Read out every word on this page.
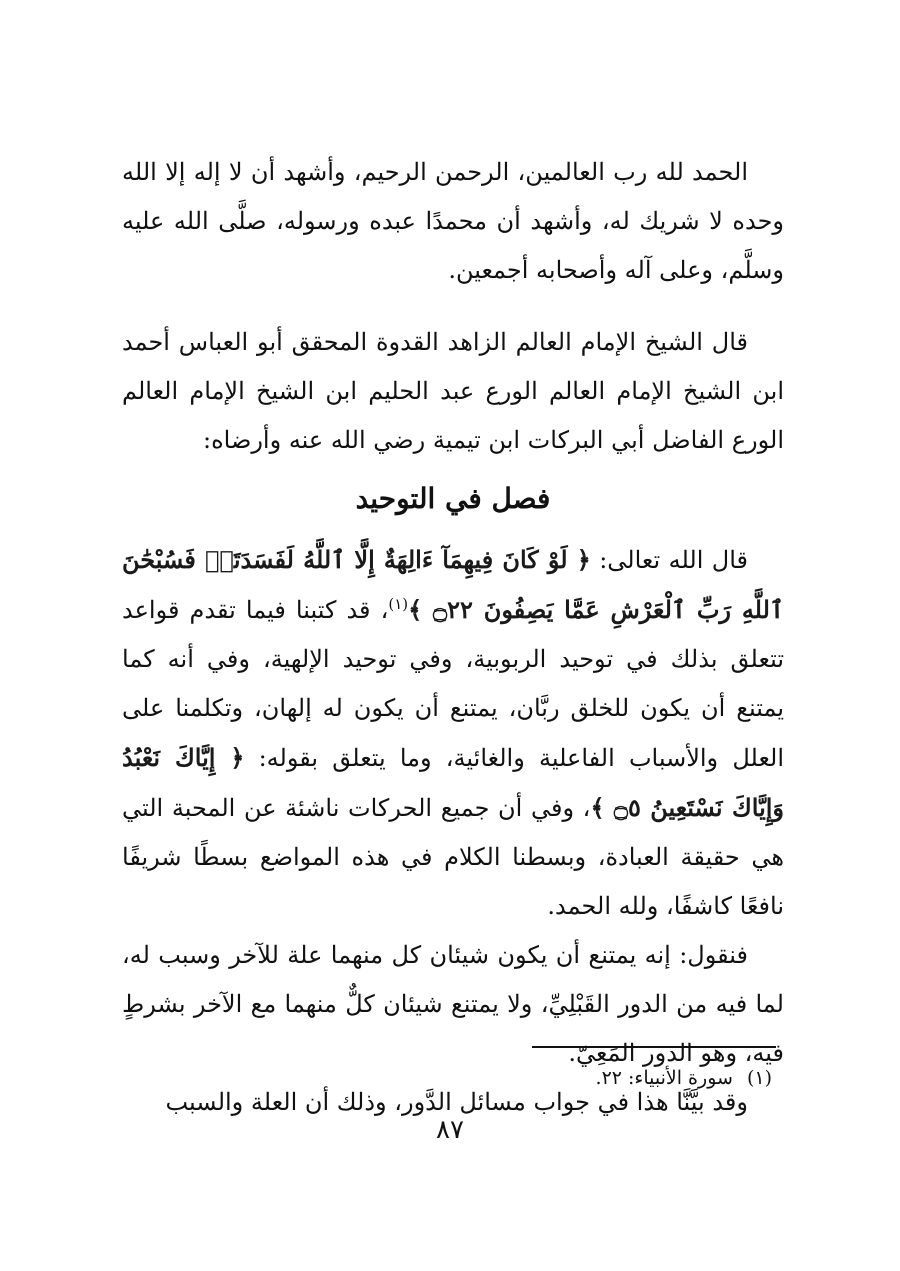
الحمد لله رب العالمين، الرحمن الرحيم، وأشهد أن لا إله إلا الله وحده لا شريك له، وأشهد أن محمدًا عبده ورسوله، صلَّى الله عليه وسلَّم، وعلى آله وأصحابه أجمعين.

قال الشيخ الإمام العالم الزاهد القدوة المحقق أبو العباس أحمد ابن الشيخ الإمام العالم الورع عبد الحليم ابن الشيخ الإمام العالم الورع الفاضل أبي البركات ابن تيمية رضي الله عنه وأرضاه:

فصل في التوحيد

قال الله تعالى: ﴿ لَوْ كَانَ فِيهِمَآ ءَالِهَةٌ إِلَّا ٱللَّهُ لَفَسَدَتَاۚ فَسُبْحَٰنَ ٱللَّهِ رَبِّ ٱلْعَرْشِ عَمَّا يَصِفُونَ ۝٢٢ ﴾$^{(١)}$، قد كتبنا فيما تقدم قواعد تتعلق بذلك في توحيد الربوبية، وفي توحيد الإلهية، وفي أنه كما يمتنع أن يكون للخلق ربَّان، يمتنع أن يكون له إلهان، وتكلمنا على العلل والأسباب الفاعلية والغائية، وما يتعلق بقوله: ﴿ إِيَّاكَ نَعْبُدُ وَإِيَّاكَ نَسْتَعِينُ ۝٥ ﴾، وفي أن جميع الحركات ناشئة عن المحبة التي هي حقيقة العبادة، وبسطنا الكلام في هذه المواضع بسطًا شريفًا نافعًا كاشفًا، ولله الحمد.

فنقول: إنه يمتنع أن يكون شيئان كل منهما علة للآخر وسبب له، لما فيه من الدور القَبْلِيِّ، ولا يمتنع شيئان كلٌّ منهما مع الآخر بشرطٍ فيه، وهو الدور المَعِيّ.

وقد بيَّنَّا هذا في جواب مسائل الدَّور، وذلك أن العلة والسبب

(١)سورة الأنبياء: ٢٢.

٨٧
